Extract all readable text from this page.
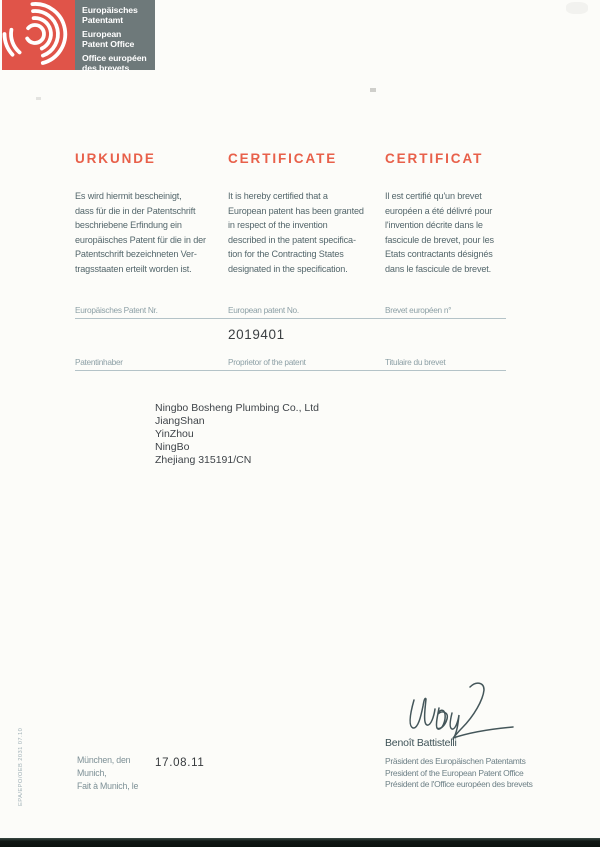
Europäisches
Patentamt
European
Patent Office
Office européen
des brevets
URKUNDE	CERTIFICATE	CERTIFICAT

Es wird hiermit bescheinigt,
dass für die in der Patentschrift
beschriebene Erfindung ein
europäisches Patent für die in der
Patentschrift bezeichneten Ver-
tragsstaaten erteilt worden ist.

It is hereby certified that a
European patent has been granted
in respect of the invention
described in the patent specifica-
tion for the Contracting States
designated in the specification.

Il est certifié qu'un brevet
européen a été délivré pour
l'invention décrite dans le
fascicule de brevet, pour les
Etats contractants désignés
dans le fascicule de brevet.

Europäisches Patent Nr.	European patent No.	Brevet européen n°
2019401
Patentinhaber	Proprietor of the patent	Titulaire du brevet
Ningbo Bosheng Plumbing Co., Ltd
JiangShan
YinZhou
NingBo
Zhejiang 315191/CN
Benoît Battistelli
Präsident des Europäischen Patentamts
President of the European Patent Office
Président de l'Office européen des brevets
München, den
Munich,
Fait à Munich, le
17.08.11
EPA/EPO/OEB 2031 07.10
